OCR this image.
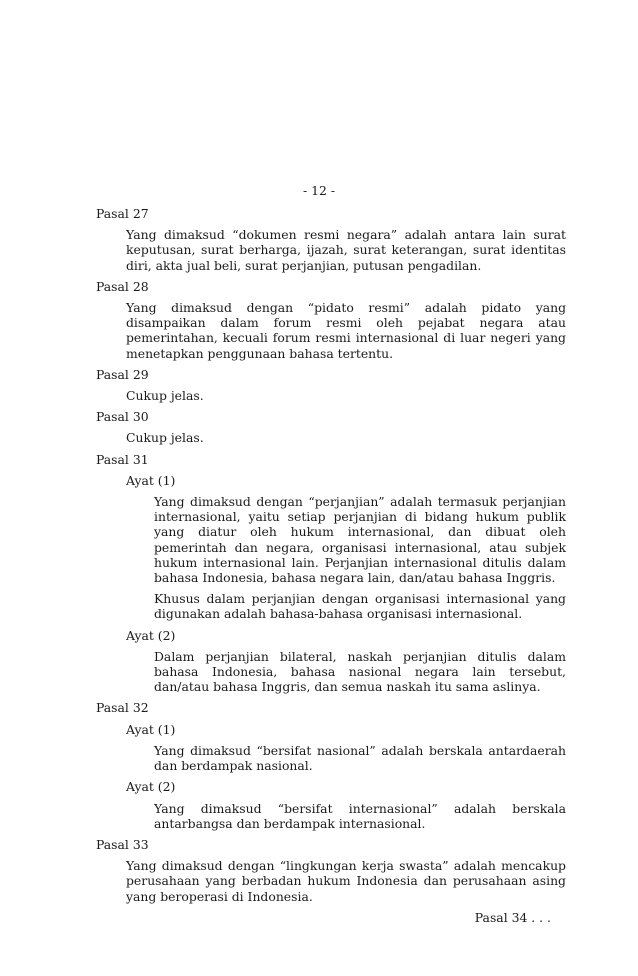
- 12 -
Pasal 27
Yang dimaksud “dokumen resmi negara” adalah antara lain surat keputusan, surat berharga, ijazah, surat keterangan, surat identitas diri, akta jual beli, surat perjanjian, putusan pengadilan.
Pasal 28
Yang dimaksud dengan “pidato resmi” adalah pidato yang disampaikan dalam forum resmi oleh pejabat negara atau pemerintahan, kecuali forum resmi internasional di luar negeri yang menetapkan penggunaan bahasa tertentu.
Pasal 29
Cukup jelas.
Pasal 30
Cukup jelas.
Pasal 31
Ayat (1)
Yang dimaksud dengan “perjanjian” adalah termasuk perjanjian internasional, yaitu setiap perjanjian di bidang hukum publik yang diatur oleh hukum internasional, dan dibuat oleh pemerintah dan negara, organisasi internasional, atau subjek hukum internasional lain. Perjanjian internasional ditulis dalam bahasa Indonesia, bahasa negara lain, dan/atau bahasa Inggris.
Khusus dalam perjanjian dengan organisasi internasional yang digunakan adalah bahasa-bahasa organisasi internasional.
Ayat (2)
Dalam perjanjian bilateral, naskah perjanjian ditulis dalam bahasa Indonesia, bahasa nasional negara lain tersebut, dan/atau bahasa Inggris, dan semua naskah itu sama aslinya.
Pasal 32
Ayat (1)
Yang dimaksud “bersifat nasional” adalah berskala antardaerah dan berdampak nasional.
Ayat (2)
Yang dimaksud “bersifat internasional” adalah berskala antarbangsa dan berdampak internasional.
Pasal 33
Yang dimaksud dengan “lingkungan kerja swasta” adalah mencakup perusahaan yang berbadan hukum Indonesia dan perusahaan asing yang beroperasi di Indonesia.
Pasal 34 . . .
